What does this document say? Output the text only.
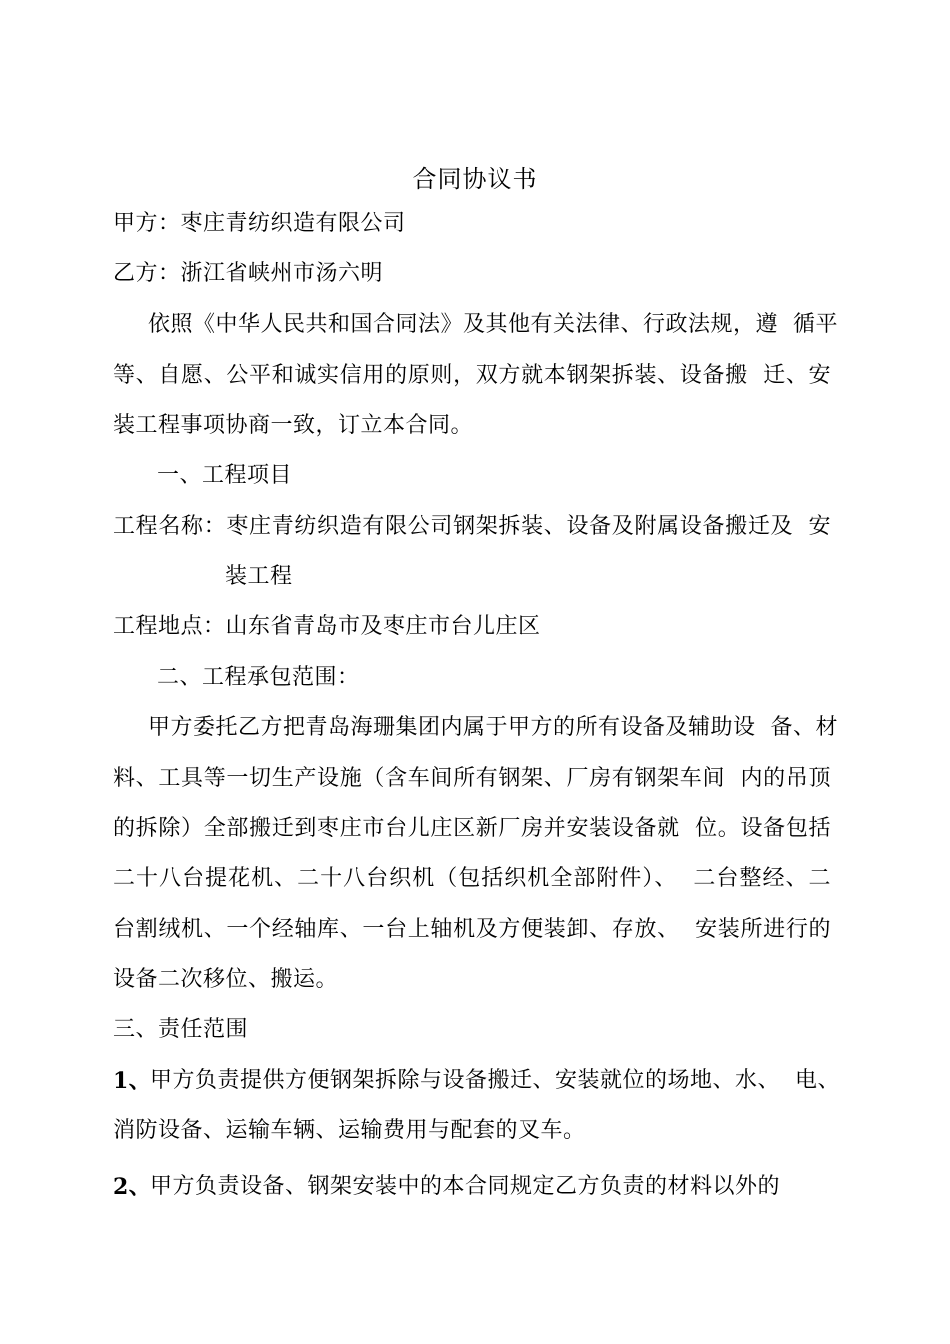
合同协议书
甲方：枣庄青纺织造有限公司
乙方：浙江省峡州市汤六明
依照《中华人民共和国合同法》及其他有关法律、行政法规，遵  循平
等、自愿、公平和诚实信用的原则，双方就本钢架拆装、设备搬  迁、安
装工程事项协商一致，订立本合同。
一、工程项目
工程名称：枣庄青纺织造有限公司钢架拆装、设备及附属设备搬迁及  安
装工程
工程地点：山东省青岛市及枣庄市台儿庄区
二、工程承包范围：
甲方委托乙方把青岛海珊集团内属于甲方的所有设备及辅助设  备、材
料、工具等一切生产设施（含车间所有钢架、厂房有钢架车间  内的吊顶
的拆除）全部搬迁到枣庄市台儿庄区新厂房并安装设备就  位。设备包括
二十八台提花机、二十八台织机（包括织机全部附件）、  二台整经、二
台割绒机、一个经轴库、一台上轴机及方便装卸、存放、  安装所进行的
设备二次移位、搬运。
三、责任范围
1、
甲方负责提供方便钢架拆除与设备搬迁、安装就位的场地、水、  电、
消防设备、运输车辆、运输费用与配套的叉车。
2、
甲方负责设备、钢架安装中的本合同规定乙方负责的材料以外的
